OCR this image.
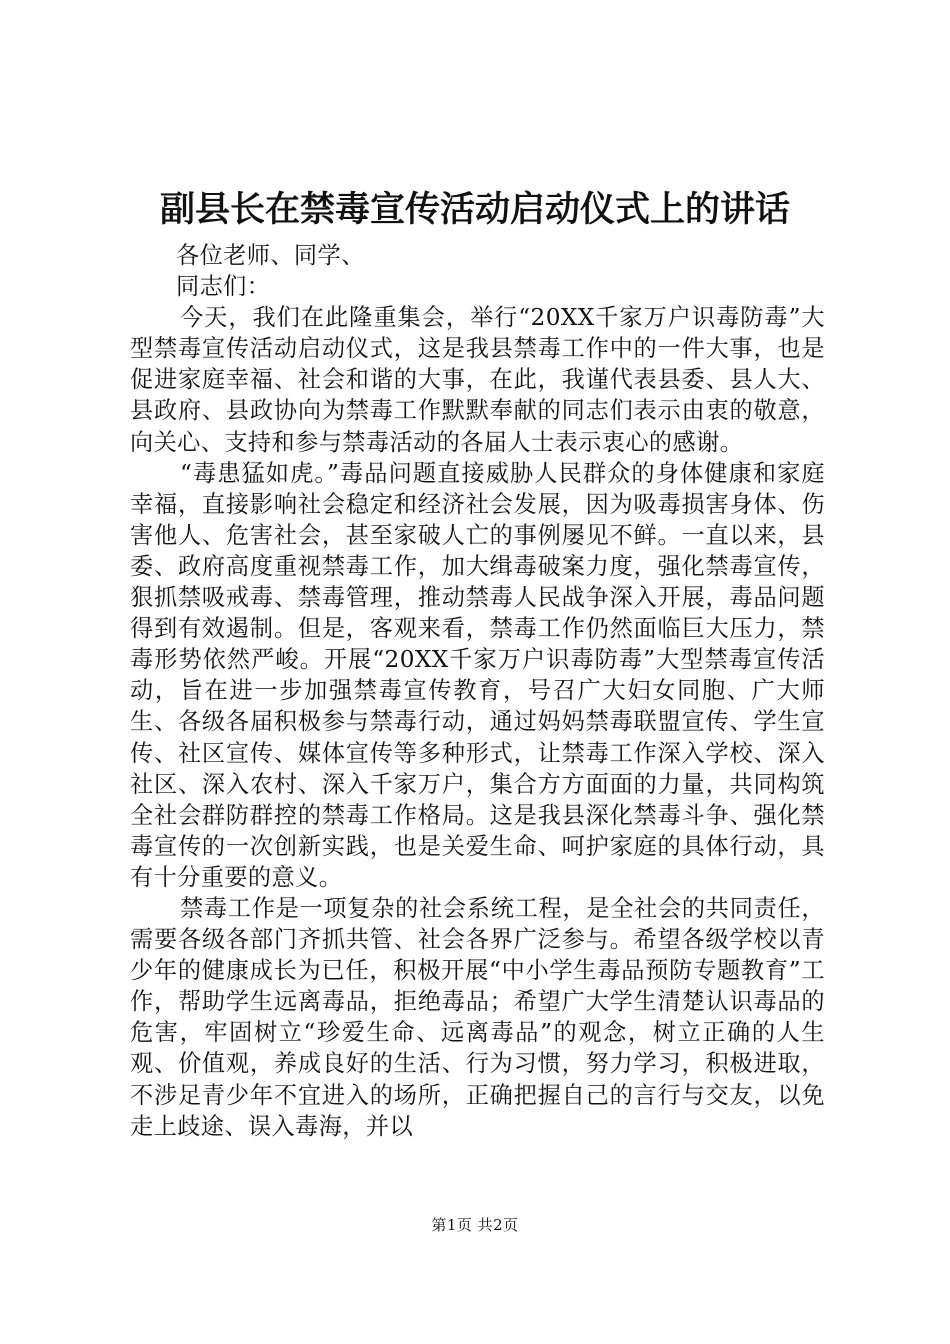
副县长在禁毒宣传活动启动仪式上的讲话

各位老师、同学、

同志们：

今天，我们在此隆重集会，举行“20XX千家万户识毒防毒”大型禁毒宣传活动启动仪式，这是我县禁毒工作中的一件大事，也是促进家庭幸福、社会和谐的大事，在此，我谨代表县委、县人大、县政府、县政协向为禁毒工作默默奉献的同志们表示由衷的敬意，向关心、支持和参与禁毒活动的各届人士表示衷心的感谢。

“毒患猛如虎。”毒品问题直接威胁人民群众的身体健康和家庭幸福，直接影响社会稳定和经济社会发展，因为吸毒损害身体、伤害他人、危害社会，甚至家破人亡的事例屡见不鲜。一直以来，县委、政府高度重视禁毒工作，加大缉毒破案力度，强化禁毒宣传，狠抓禁吸戒毒、禁毒管理，推动禁毒人民战争深入开展，毒品问题得到有效遏制。但是，客观来看，禁毒工作仍然面临巨大压力，禁毒形势依然严峻。开展“20XX千家万户识毒防毒”大型禁毒宣传活动，旨在进一步加强禁毒宣传教育，号召广大妇女同胞、广大师生、各级各届积极参与禁毒行动，通过妈妈禁毒联盟宣传、学生宣传、社区宣传、媒体宣传等多种形式，让禁毒工作深入学校、深入社区、深入农村、深入千家万户，集合方方面面的力量，共同构筑全社会群防群控的禁毒工作格局。这是我县深化禁毒斗争、强化禁毒宣传的一次创新实践，也是关爱生命、呵护家庭的具体行动，具有十分重要的意义。

禁毒工作是一项复杂的社会系统工程，是全社会的共同责任，需要各级各部门齐抓共管、社会各界广泛参与。希望各级学校以青少年的健康成长为已任，积极开展“中小学生毒品预防专题教育”工作，帮助学生远离毒品，拒绝毒品；希望广大学生清楚认识毒品的危害，牢固树立“珍爱生命、远离毒品”的观念，树立正确的人生观、价值观，养成良好的生活、行为习惯，努力学习，积极进取，不涉足青少年不宜进入的场所，正确把握自己的言行与交友，以免走上歧途、误入毒海，并以

第1页 共2页
